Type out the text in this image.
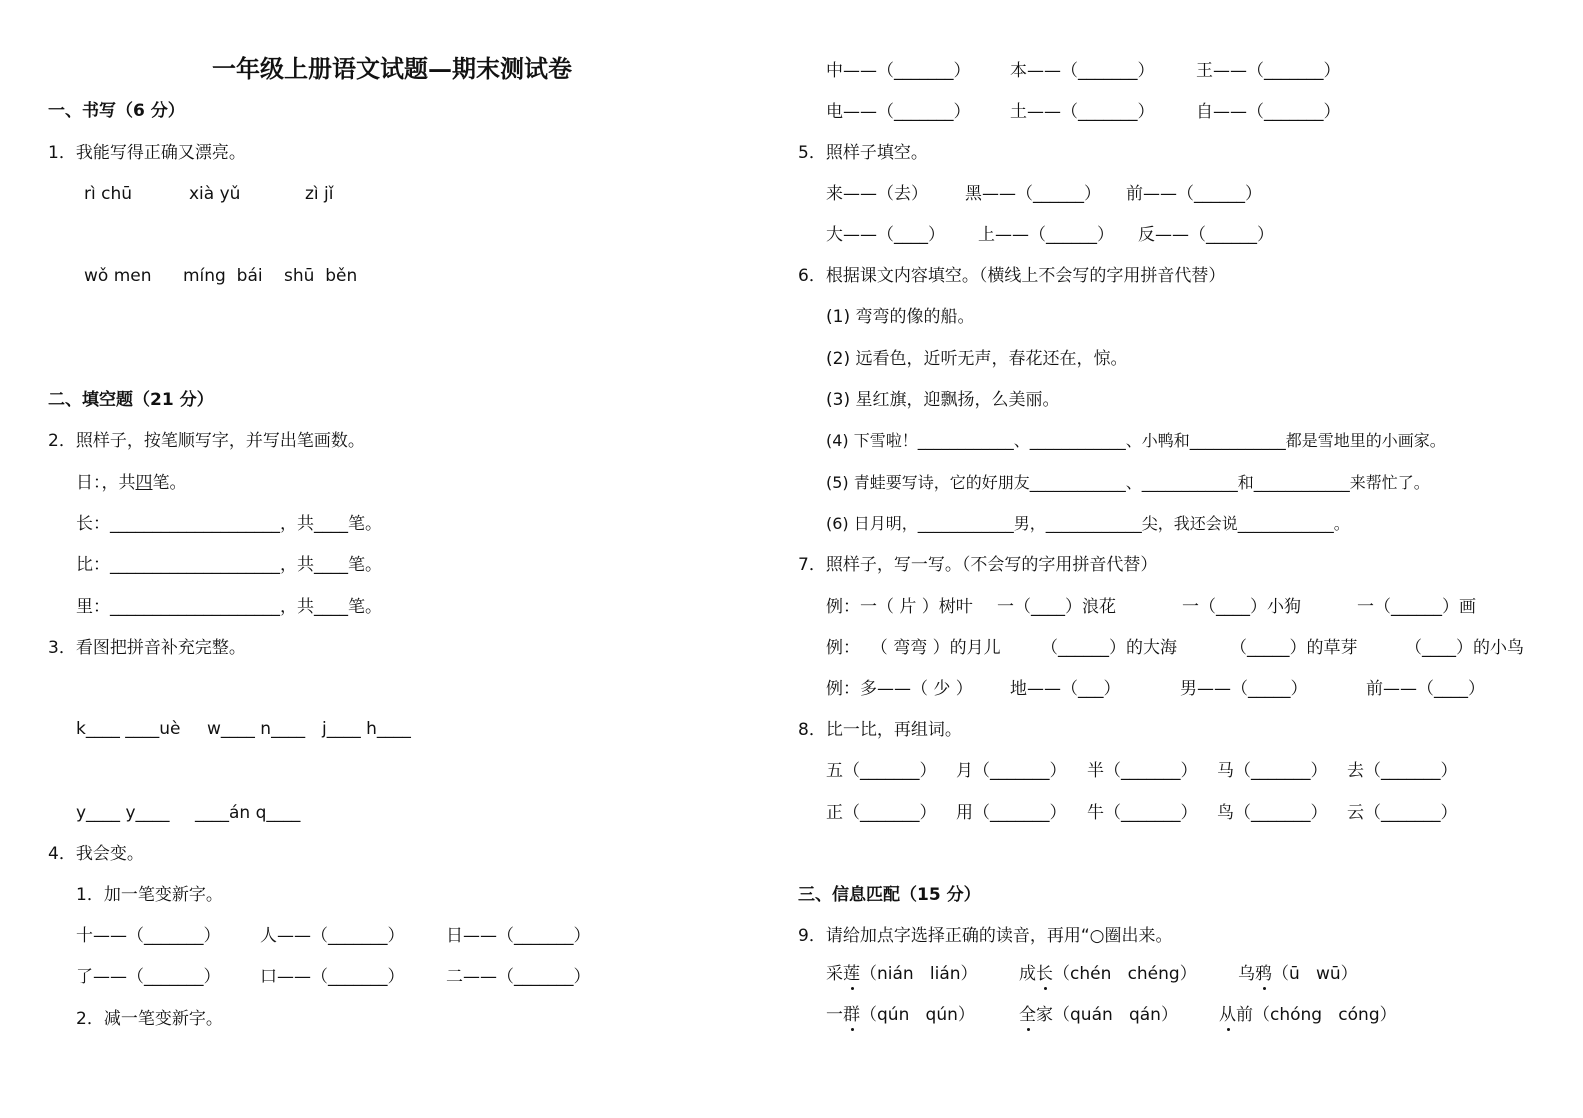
一年级上册语文试题—期末测试卷
一、书写（6 分）
1．我能写得正确又漂亮。
rì chū	xià yǔ	zì jǐ
wǒ men míng  bái shū  běn
二、填空题（21 分）
2．照样子，按笔顺写字，并写出笔画数。
日：，共四笔。
长：____________________，共____笔。
比：____________________，共____笔。
里：____________________，共____笔。
3．看图把拼音补充完整。
k____ ____uè w____ n____ j____ h____
y____ y____ ____án q____
4．我会变。
1．加一笔变新字。
十——（_______） 人——（_______） 日——（_______）
了——（_______） 口——（_______） 二——（_______）
2．减一笔变新字。
中——（_______） 本——（_______） 王——（_______）
电——（_______） 土——（_______） 自——（_______）
5．照样子填空。
来——（去） 黑——（______） 前——（______）
大——（____） 上——（______） 反——（______）
6．根据课文内容填空。（横线上不会写的字用拼音代替）
(1) 弯弯的像的船。
(2) 远看色，近听无声，春花还在，惊。
(3) 星红旗，迎飘扬，么美丽。
(4) 下雪啦！____________、____________、小鸭和____________都是雪地里的小画家。
(5) 青蛙要写诗，它的好朋友____________、____________和____________来帮忙了。
(6) 日月明，____________男，____________尖，我还会说____________。
7．照样子，写一写。（不会写的字用拼音代替）
例：一（ 片 ）树叶 一（____）浪花	一（____）小狗	一（______）画
例：  （ 弯弯 ）的月儿 （______）的大海	（_____）的草芽	（____）的小鸟
例：多——（ 少 ） 地——（___）	男——（_____）	前——（____）
8．比一比，再组词。
五（_______） 月（_______） 半（_______） 马（_______） 去（_______）
正（_______） 用（_______） 牛（_______） 鸟（_______） 云（_______）
三、信息匹配（15 分）
9．请给加点字选择正确的读音，再用“○圈出来。
采莲（nián   lián） 成长（chén   chéng） 乌鸦（ū   wū）
一群（qún   qún）	全家（quán   qán） 从前（chóng   cóng）
